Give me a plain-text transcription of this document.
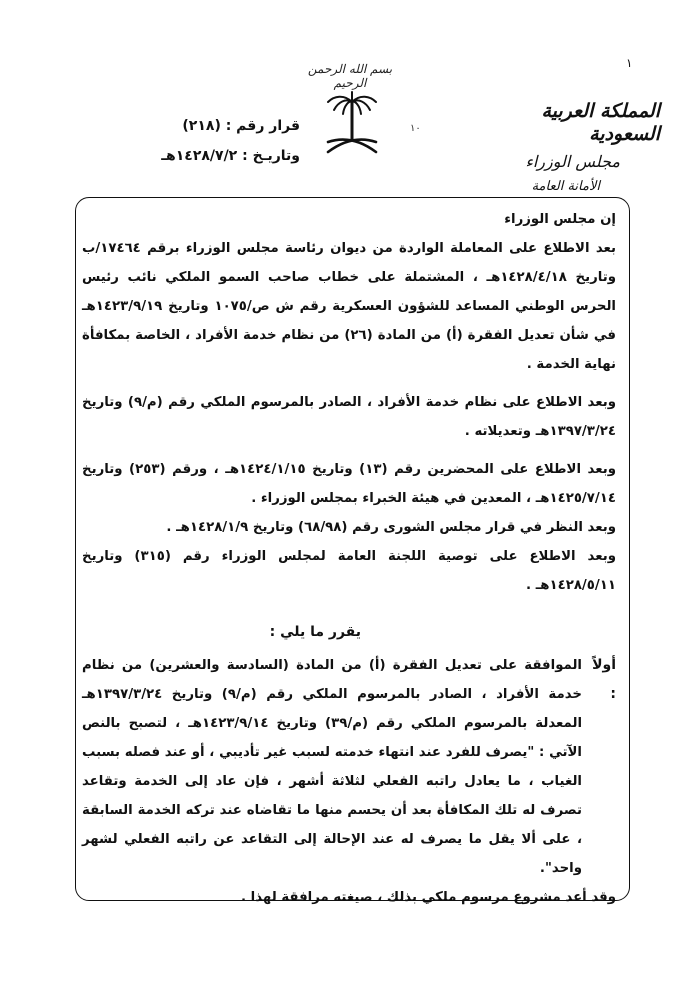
١
بسم الله الرحمن الرحيم
المملكة العربية السعودية
مجلس الوزراء
الأمانة العامة
١٠
قرار رقم : (٢١٨)
وتاريـخ : ١٤٢٨/٧/٢هـ

إن مجلس الوزراء

بعد الاطلاع على المعاملة الواردة من ديوان رئاسة مجلس الوزراء برقم ١٧٤٦٤/ب وتاريخ ١٤٢٨/٤/١٨هـ ، المشتملة على خطاب صاحب السمو الملكي نائب رئيس الحرس الوطني المساعد للشؤون العسكرية رقم ش ص/١٠٧٥ وتاريخ ١٤٢٣/٩/١٩هـ في شأن تعديل الفقرة (أ) من المادة (٢٦) من نظام خدمة الأفراد ، الخاصة بمكافأة نهاية الخدمة .

وبعد الاطلاع على نظام خدمة الأفراد ، الصادر بالمرسوم الملكي رقم (م/٩) وتاريخ ١٣٩٧/٣/٢٤هـ وتعديلاته .

وبعد الاطلاع على المحضرين رقم (١٣) وتاريخ ١٤٢٤/١/١٥هـ ، ورقم (٢٥٣) وتاريخ ١٤٢٥/٧/١٤هـ ، المعدين في هيئة الخبراء بمجلس الوزراء .

وبعد النظر في قرار مجلس الشورى رقم (٦٨/٩٨) وتاريخ ١٤٢٨/١/٩هـ .

وبعد الاطلاع على توصية اللجنة العامة لمجلس الوزراء رقم (٣١٥) وتاريخ ١٤٢٨/٥/١١هـ .

يقرر ما يلي :

أولاً :
الموافقة على تعديل الفقرة (أ) من المادة (السادسة والعشرين) من نظام خدمة الأفراد ، الصادر بالمرسوم الملكي رقم (م/٩) وتاريخ ١٣٩٧/٣/٢٤هـ المعدلة بالمرسوم الملكي رقم (م/٣٩) وتاريخ ١٤٢٣/٩/١٤هـ ، لتصبح بالنص الآتي : "يصرف للفرد عند انتهاء خدمته لسبب غير تأديبي ، أو عند فصله بسبب الغياب ، ما يعادل راتبه الفعلي لثلاثة أشهر ، فإن عاد إلى الخدمة وتقاعد تصرف له تلك المكافأة بعد أن يحسم منها ما تقاضاه عند تركه الخدمة السابقة ، على ألا يقل ما يصرف له عند الإحالة إلى التقاعد عن راتبه الفعلي لشهر واحد".

وقد أعد مشروع مرسوم ملكي بذلك ، صيغته مرافقة لهذا .
